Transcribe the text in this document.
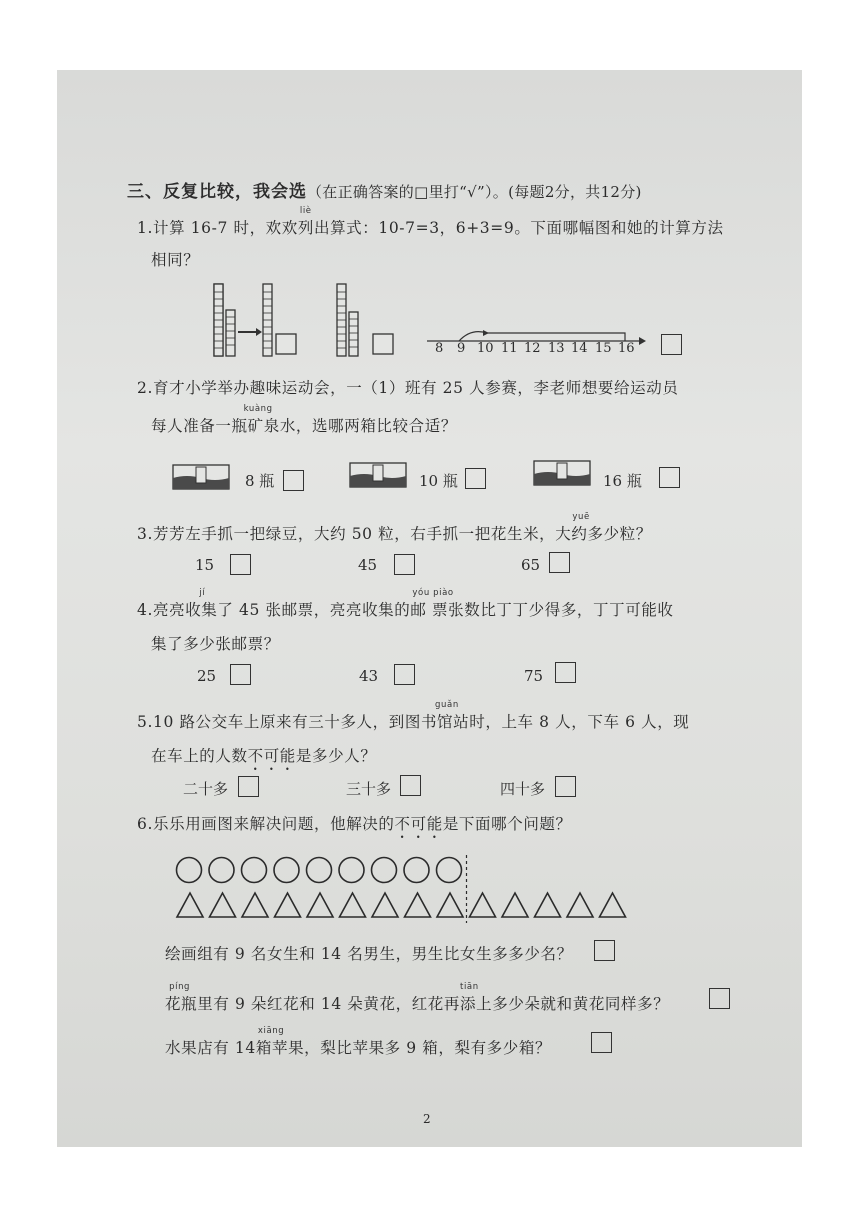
三、反复比较，我会选（在正确答案的□里打“√”）。(每题2分，共12分)
1.计算 16-7 时，欢欢
liè
列出算式：10-7=3，6+3=9。下面哪幅图和她的计算方法
相同？
8 9 10 11 12 13 14 15 16
2.育才小学举办趣味运动会，一（1）班有 25 人参赛，李老师想要给运动员
每人准备一瓶
kuàng
矿泉水，选哪两箱比较合适？
8 瓶	10 瓶	16 瓶
3.芳芳左手抓一把绿豆，大约 50 粒，右手抓一把花生米，大
yuē
约多少粒？
15	45	65
4.亮亮收
jí
集了 45 张邮票，亮亮收集的
yóu piào
邮 票张数比丁丁少得多，丁丁可能收
集了多少张邮票？
25	43	75
5.10 路公交车上原来有三十多人，到图书
guǎn
馆站时，上车 8 人，下车 6 人，现
在车上的人数不可能是多少人？
二十多	三十多	四十多
6.乐乐用画图来解决问题，他解决的不可能是下面哪个问题？
绘画组有 9 名女生和 14 名男生，男生比女生多多少名？
花
píng
瓶里有 9 朵红花和 14 朵黄花，红花再
tiān
添上多少朵就和黄花同样多？
水果店有 14
xiāng
箱苹果，梨比苹果多 9 箱，梨有多少箱？
2
